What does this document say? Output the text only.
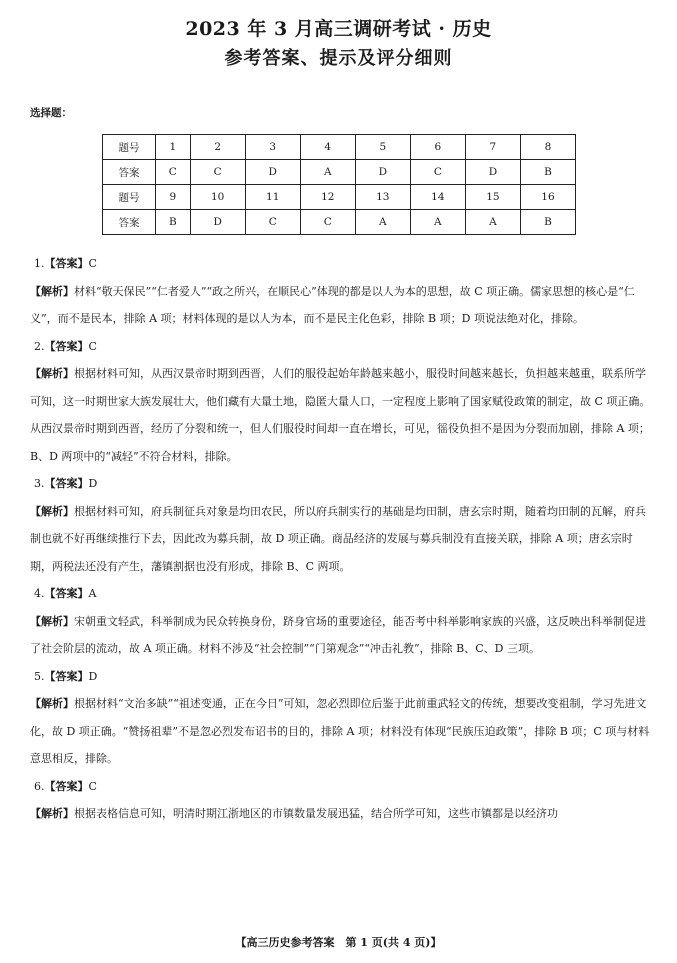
2023 年 3 月高三调研考试 · 历史
参考答案、提示及评分细则
选择题：
题号	1	2	3	4	5	6	7	8
答案	C	C	D	A	D	C	D	B
题号	9	10	11	12	13	14	15	16
答案	B	D	C	C	A	A	A	B

1.【答案】C

【解析】材料“敬天保民”“仁者爱人”“政之所兴，在顺民心”体现的都是以人为本的思想，故 C 项正确。儒家思想的核心是“仁义”，而不是民本，排除 A 项；材料体现的是以人为本，而不是民主化色彩，排除 B 项；D 项说法绝对化，排除。

2.【答案】C

【解析】根据材料可知，从西汉景帝时期到西晋，人们的服役起始年龄越来越小，服役时间越来越长，负担越来越重，联系所学可知，这一时期世家大族发展壮大，他们藏有大量土地，隐匿大量人口，一定程度上影响了国家赋役政策的制定，故 C 项正确。从西汉景帝时期到西晋，经历了分裂和统一，但人们服役时间却一直在增长，可见，徭役负担不是因为分裂而加剧，排除 A 项；B、D 两项中的“减轻”不符合材料，排除。

3.【答案】D

【解析】根据材料可知，府兵制征兵对象是均田农民，所以府兵制实行的基础是均田制，唐玄宗时期，随着均田制的瓦解，府兵制也就不好再继续推行下去，因此改为募兵制，故 D 项正确。商品经济的发展与募兵制没有直接关联，排除 A 项；唐玄宗时期，两税法还没有产生，藩镇割据也没有形成，排除 B、C 两项。

4.【答案】A

【解析】宋朝重文轻武，科举制成为民众转换身份，跻身官场的重要途径，能否考中科举影响家族的兴盛，这反映出科举制促进了社会阶层的流动，故 A 项正确。材料不涉及“社会控制”“门第观念”“冲击礼教”，排除 B、C、D 三项。

5.【答案】D

【解析】根据材料“文治多缺”“祖述变通，正在今日”可知，忽必烈即位后鉴于此前重武轻文的传统，想要改变祖制，学习先进文化，故 D 项正确。“赞扬祖辈”不是忽必烈发布诏书的目的，排除 A 项；材料没有体现“民族压迫政策”，排除 B 项；C 项与材料意思相反，排除。

6.【答案】C

【解析】根据表格信息可知，明清时期江浙地区的市镇数量发展迅猛，结合所学可知，这些市镇都是以经济功

【高三历史参考答案　第 1 页(共 4 页)】
